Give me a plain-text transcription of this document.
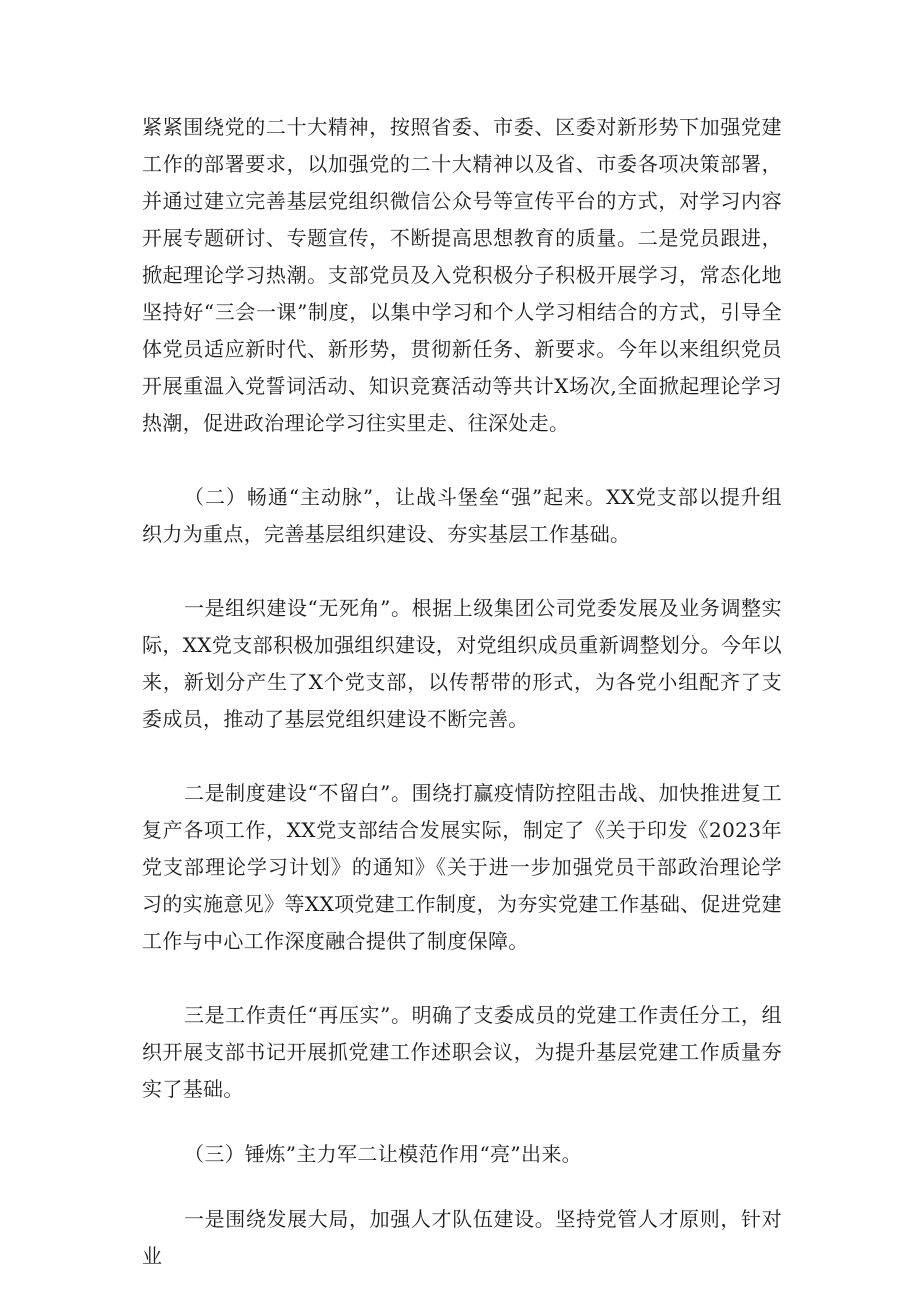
紧紧围绕党的二十大精神，按照省委、市委、区委对新形势下加强党建工作的部署要求，以加强党的二十大精神以及省、市委各项决策部署，并通过建立完善基层党组织微信公众号等宣传平台的方式，对学习内容开展专题研讨、专题宣传，不断提高思想教育的质量。二是党员跟进，掀起理论学习热潮。支部党员及入党积极分子积极开展学习，常态化地坚持好“三会一课”制度，以集中学习和个人学习相结合的方式，引导全体党员适应新时代、新形势，贯彻新任务、新要求。今年以来组织党员开展重温入党誓词活动、知识竞赛活动等共计X场次,全面掀起理论学习热潮，促进政治理论学习往实里走、往深处走。

（二）畅通“主动脉”，让战斗堡垒“强”起来。XX党支部以提升组织力为重点，完善基层组织建设、夯实基层工作基础。

一是组织建设“无死角”。根据上级集团公司党委发展及业务调整实际，XX党支部积极加强组织建设，对党组织成员重新调整划分。今年以来，新划分产生了X个党支部，以传帮带的形式，为各党小组配齐了支委成员，推动了基层党组织建设不断完善。

二是制度建设“不留白”。围绕打赢疫情防控阻击战、加快推进复工复产各项工作，XX党支部结合发展实际，制定了《关于印发《2023年党支部理论学习计划》的通知》《关于进一步加强党员干部政治理论学习的实施意见》等XX项党建工作制度，为夯实党建工作基础、促进党建工作与中心工作深度融合提供了制度保障。

三是工作责任“再压实”。明确了支委成员的党建工作责任分工，组织开展支部书记开展抓党建工作述职会议，为提升基层党建工作质量夯实了基础。

（三）锤炼”主力军二让模范作用“亮”出来。

一是围绕发展大局，加强人才队伍建设。坚持党管人才原则，针对业
